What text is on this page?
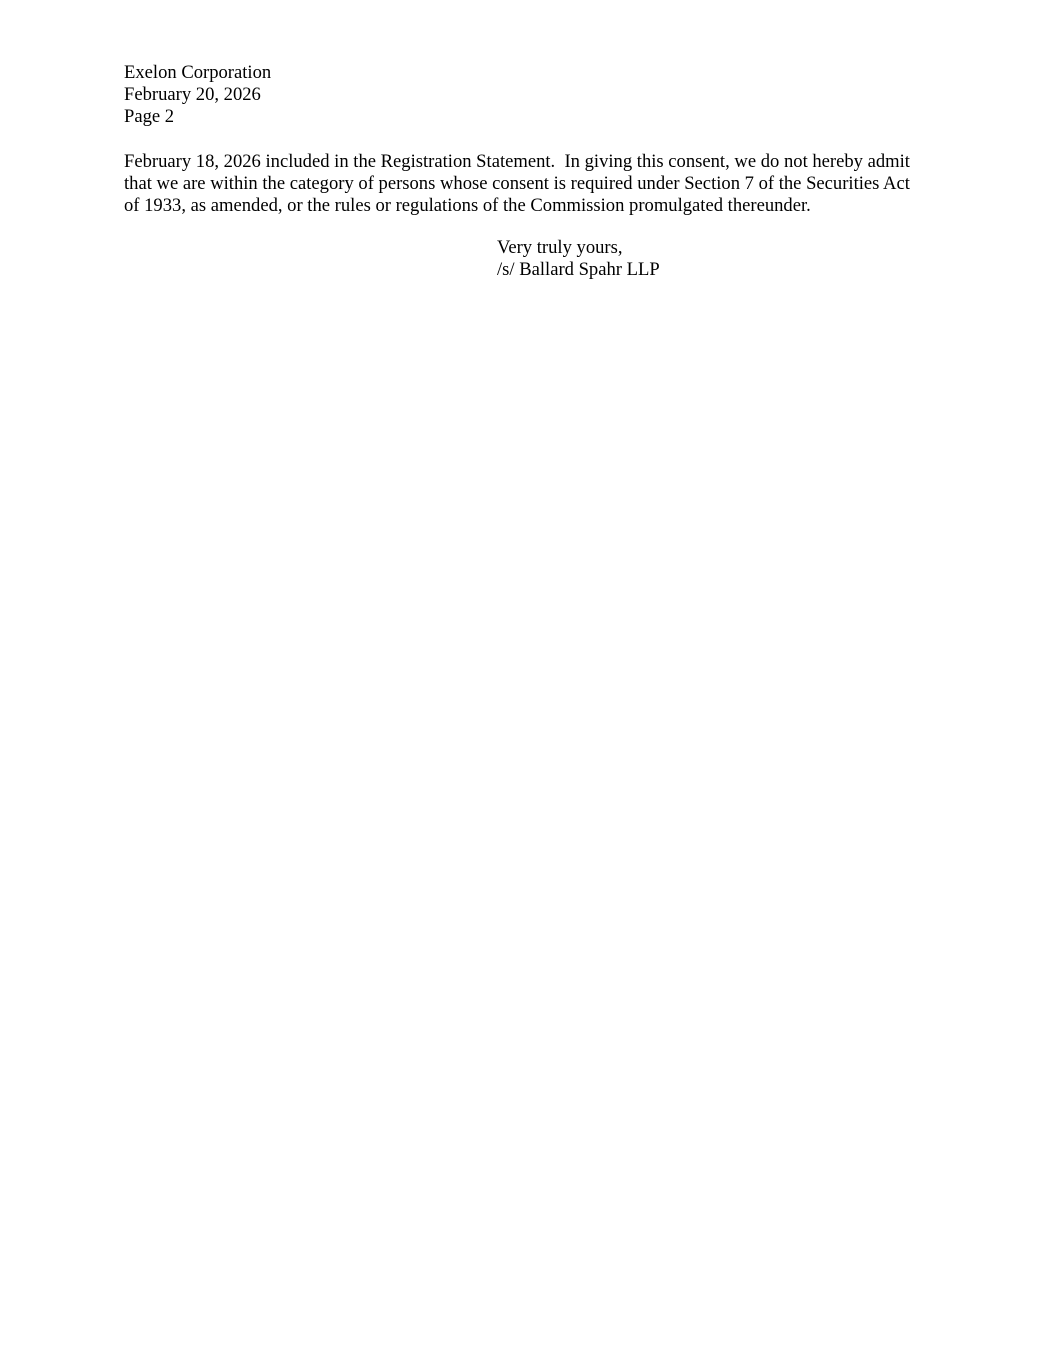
Exelon Corporation
February 20, 2026
Page 2
February 18, 2026 included in the Registration Statement.  In giving this consent, we do not hereby admit
that we are within the category of persons whose consent is required under Section 7 of the Securities Act
of 1933, as amended, or the rules or regulations of the Commission promulgated thereunder.
Very truly yours,
/s/ Ballard Spahr LLP
